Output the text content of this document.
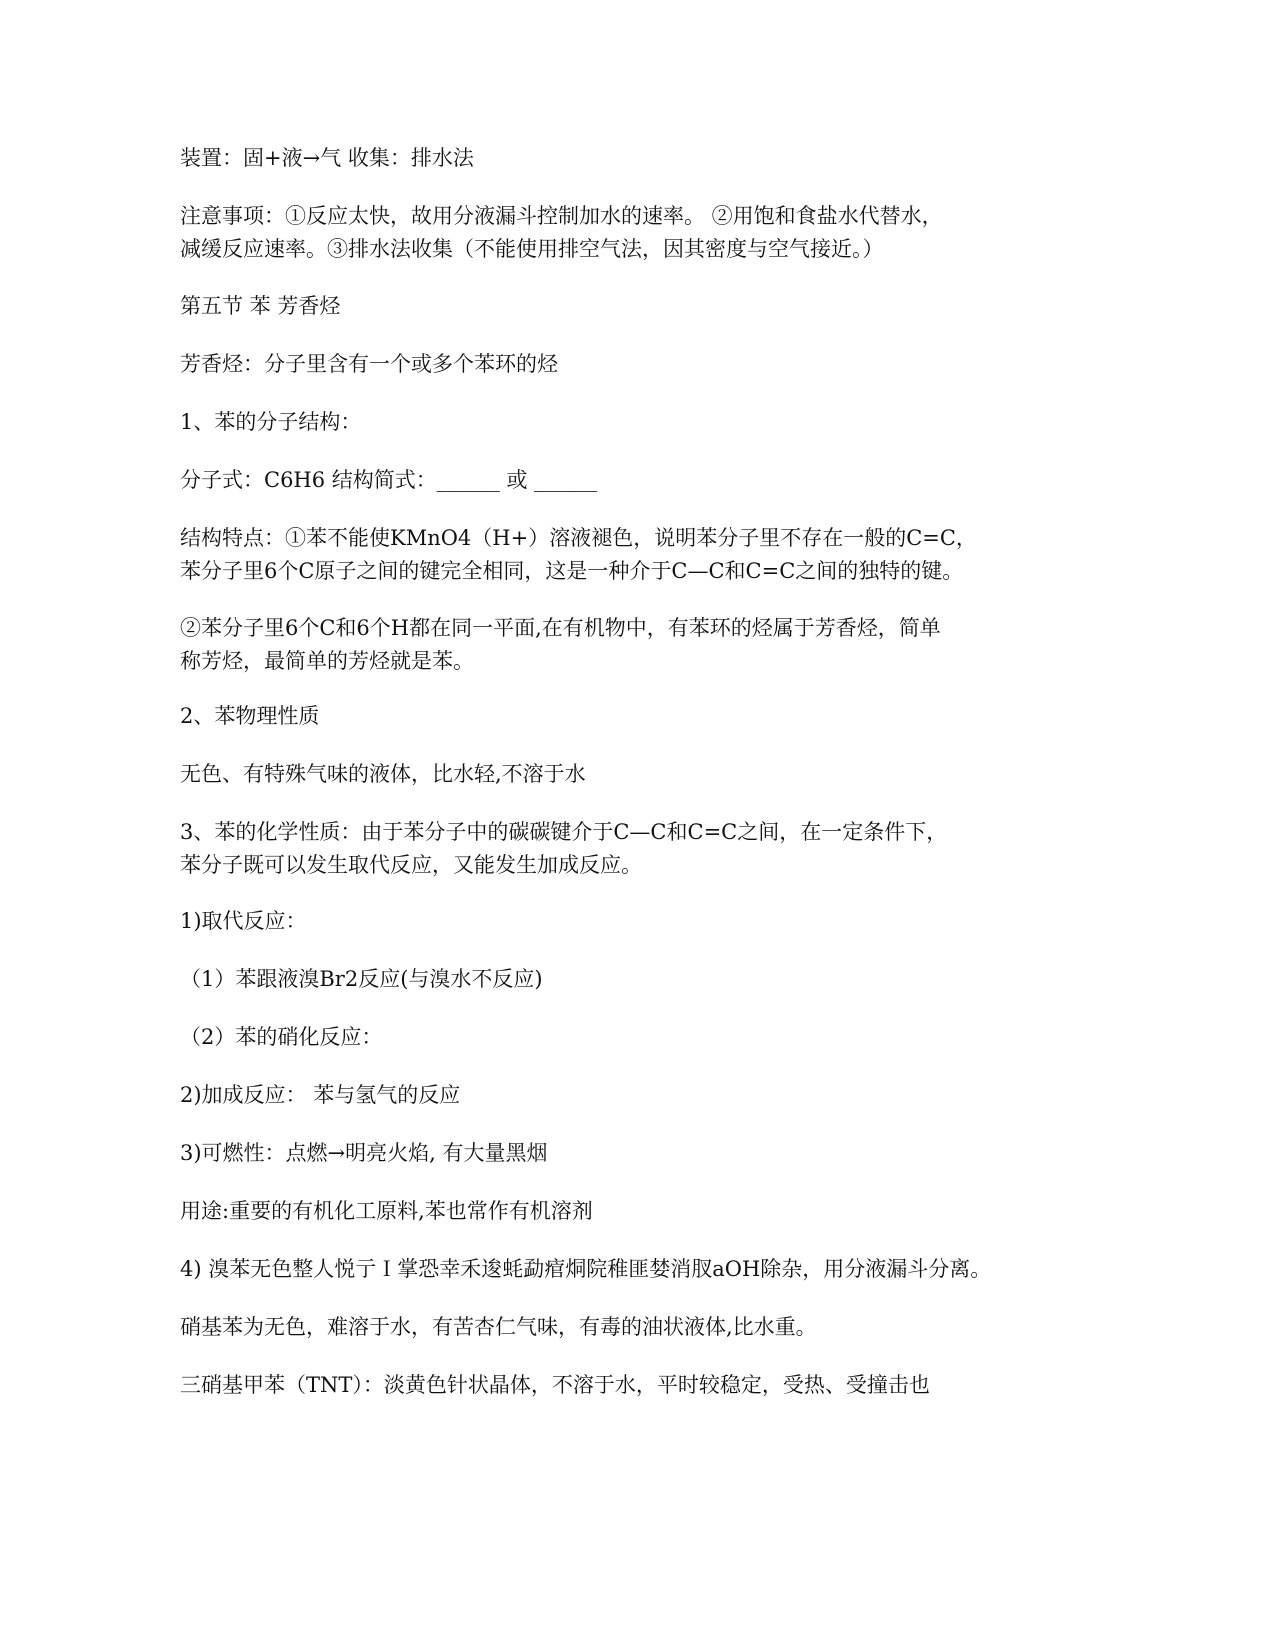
装置：固+液→气 收集：排水法
注意事项：①反应太快，故用分液漏斗控制加水的速率。 ②用饱和食盐水代替水，
减缓反应速率。③排水法收集（不能使用排空气法，因其密度与空气接近。）
第五节 苯 芳香烃
芳香烃：分子里含有一个或多个苯环的烃
1、苯的分子结构：
分子式：C6H6 结构简式：______ 或 ______
结构特点：①苯不能使KMnO4（H+）溶液褪色，说明苯分子里不存在一般的C=C，
苯分子里6个C原子之间的键完全相同，这是一种介于C—C和C=C之间的独特的键。
②苯分子里6个C和6个H都在同一平面,在有机物中，有苯环的烃属于芳香烃，简单
称芳烃，最简单的芳烃就是苯。
2、苯物理性质
无色、有特殊气味的液体，比水轻,不溶于水
3、苯的化学性质：由于苯分子中的碳碳键介于C—C和C=C之间，在一定条件下，
苯分子既可以发生取代反应，又能发生加成反应。
1)取代反应：
（1）苯跟液溴Br2反应(与溴水不反应)
（2）苯的硝化反应：
2)加成反应： 苯与氢气的反应
3)可燃性：点燃→明亮火焰, 有大量黑烟
用途:重要的有机化工原料,苯也常作有机溶剂
4) 溴苯无色整人悦亍Ｉ掌恐幸禾逡蚝勐痯烔院稚匪婪消肞aOH除杂，用分液漏斗分离。
硝基苯为无色，难溶于水，有苦杏仁气味，有毒的油状液体,比水重。
三硝基甲苯（TNT）：淡黄色针状晶体，不溶于水，平时较稳定，受热、受撞击也
